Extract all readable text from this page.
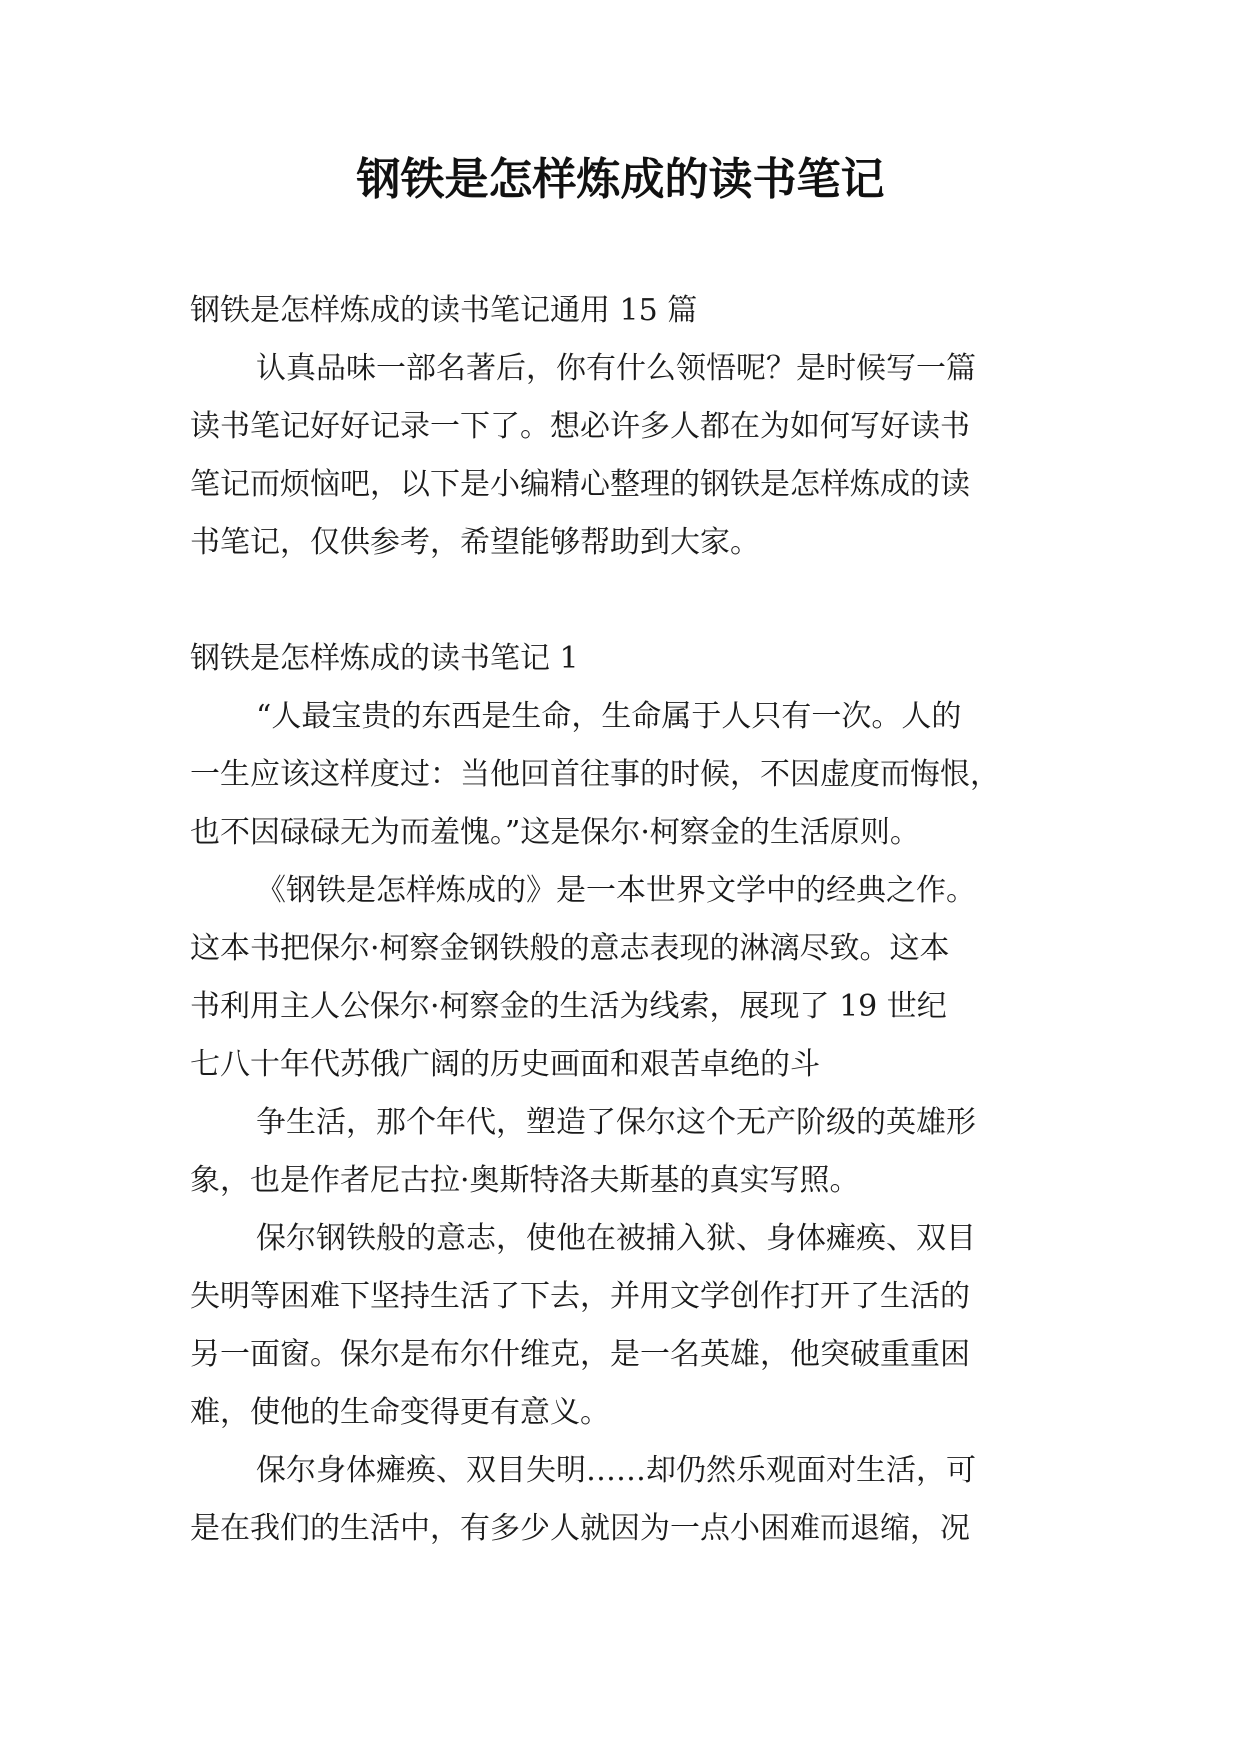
钢铁是怎样炼成的读书笔记

钢铁是怎样炼成的读书笔记通用 15 篇

认真品味一部名著后，你有什么领悟呢？是时候写一篇

读书笔记好好记录一下了。想必许多人都在为如何写好读书

笔记而烦恼吧，以下是小编精心整理的钢铁是怎样炼成的读

书笔记，仅供参考，希望能够帮助到大家。

钢铁是怎样炼成的读书笔记 1

“人最宝贵的东西是生命，生命属于人只有一次。人的

一生应该这样度过：当他回首往事的时候，不因虚度而悔恨，

也不因碌碌无为而羞愧。”这是保尔·柯察金的生活原则。

《钢铁是怎样炼成的》是一本世界文学中的经典之作。

这本书把保尔·柯察金钢铁般的意志表现的淋漓尽致。这本

书利用主人公保尔·柯察金的生活为线索，展现了 19 世纪

七八十年代苏俄广阔的历史画面和艰苦卓绝的斗

争生活，那个年代，塑造了保尔这个无产阶级的英雄形

象，也是作者尼古拉·奥斯特洛夫斯基的真实写照。

保尔钢铁般的意志，使他在被捕入狱、身体瘫痪、双目

失明等困难下坚持生活了下去，并用文学创作打开了生活的

另一面窗。保尔是布尔什维克，是一名英雄，他突破重重困

难，使他的生命变得更有意义。

保尔身体瘫痪、双目失明……却仍然乐观面对生活，可

是在我们的生活中，有多少人就因为一点小困难而退缩，况
